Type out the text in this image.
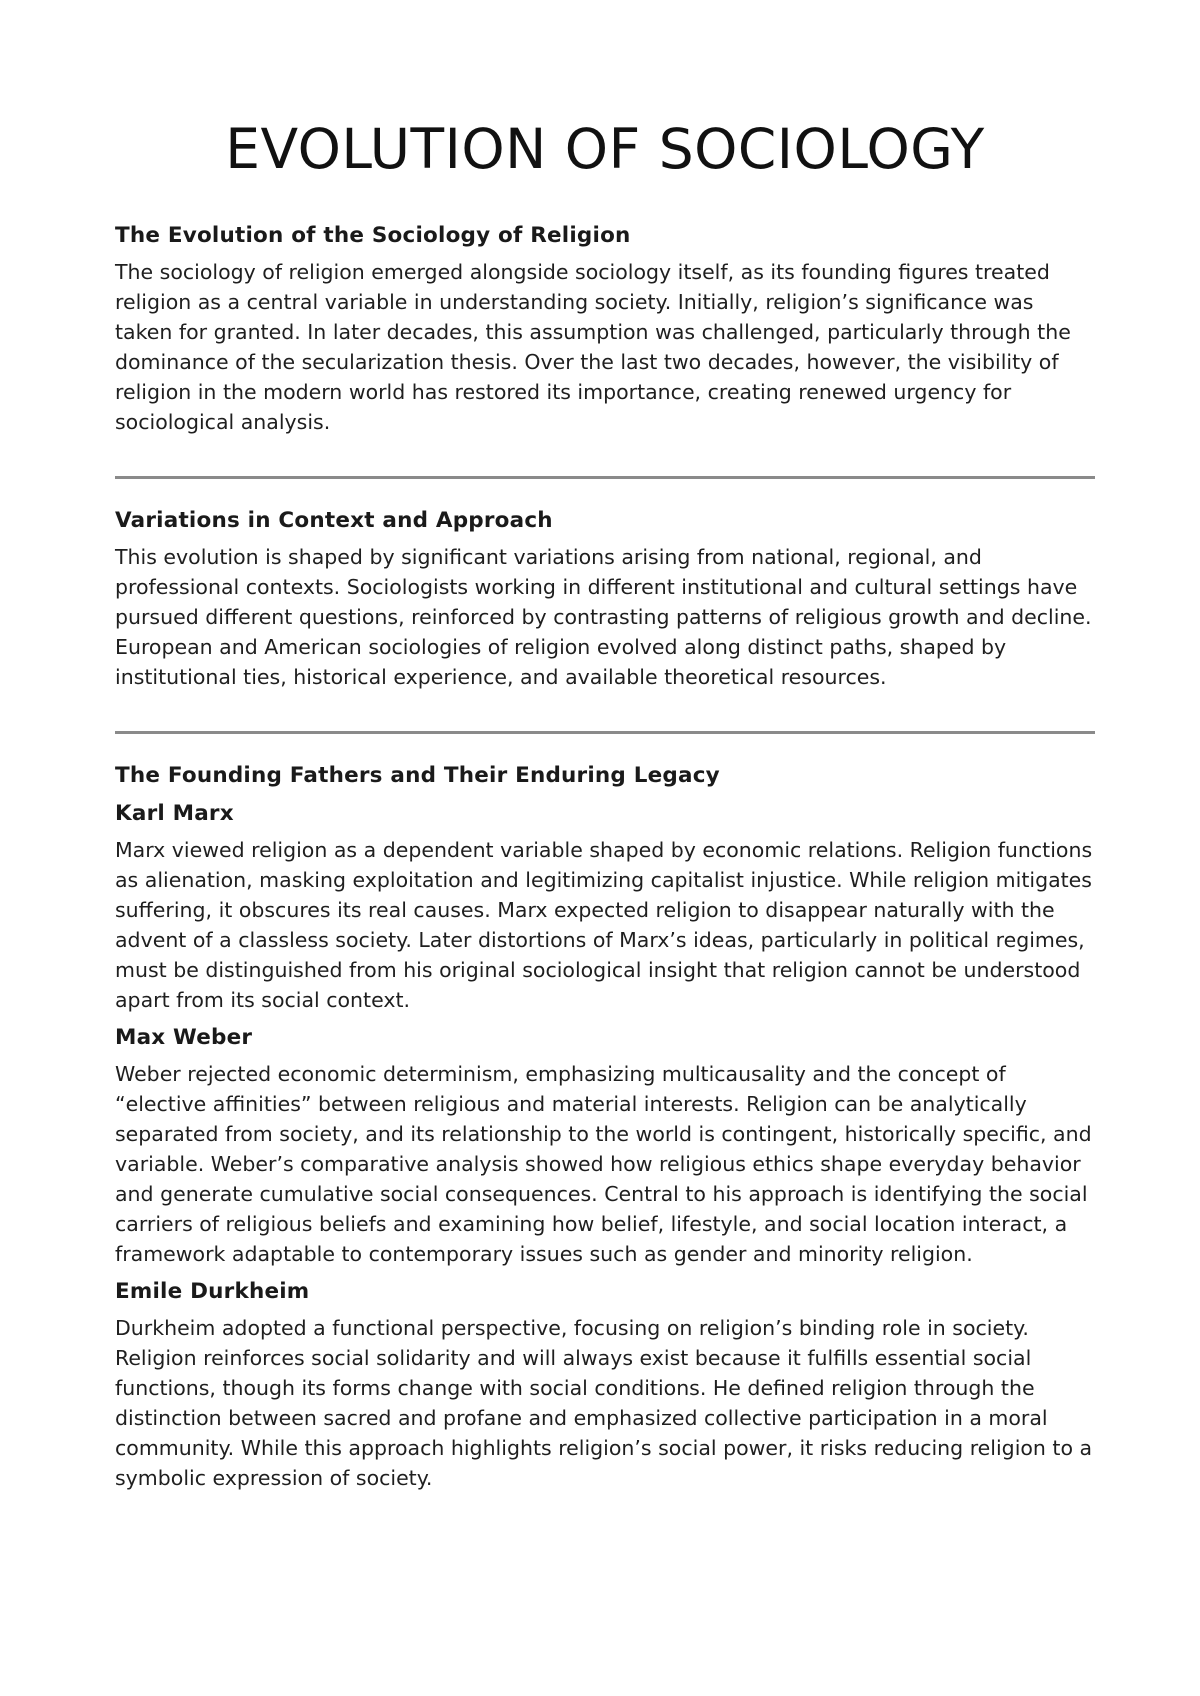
EVOLUTION OF SOCIOLOGY
The Evolution of the Sociology of Religion

The sociology of religion emerged alongside sociology itself, as its founding figures treated religion as a central variable in understanding society. Initially, religion’s significance was taken for granted. In later decades, this assumption was challenged, particularly through the dominance of the secularization thesis. Over the last two decades, however, the visibility of religion in the modern world has restored its importance, creating renewed urgency for sociological analysis.

Variations in Context and Approach

This evolution is shaped by significant variations arising from national, regional, and professional contexts. Sociologists working in different institutional and cultural settings have pursued different questions, reinforced by contrasting patterns of religious growth and decline. European and American sociologies of religion evolved along distinct paths, shaped by institutional ties, historical experience, and available theoretical resources.

The Founding Fathers and Their Enduring Legacy
Karl Marx

Marx viewed religion as a dependent variable shaped by economic relations. Religion functions as alienation, masking exploitation and legitimizing capitalist injustice. While religion mitigates suffering, it obscures its real causes. Marx expected religion to disappear naturally with the advent of a classless society. Later distortions of Marx’s ideas, particularly in political regimes, must be distinguished from his original sociological insight that religion cannot be understood apart from its social context.

Max Weber

Weber rejected economic determinism, emphasizing multicausality and the concept of “elective affinities” between religious and material interests. Religion can be analytically separated from society, and its relationship to the world is contingent, historically specific, and variable. Weber’s comparative analysis showed how religious ethics shape everyday behavior and generate cumulative social consequences. Central to his approach is identifying the social carriers of religious beliefs and examining how belief, lifestyle, and social location interact, a framework adaptable to contemporary issues such as gender and minority religion.

Emile Durkheim

Durkheim adopted a functional perspective, focusing on religion’s binding role in society. Religion reinforces social solidarity and will always exist because it fulfills essential social functions, though its forms change with social conditions. He defined religion through the distinction between sacred and profane and emphasized collective participation in a moral community. While this approach highlights religion’s social power, it risks reducing religion to a symbolic expression of society.
